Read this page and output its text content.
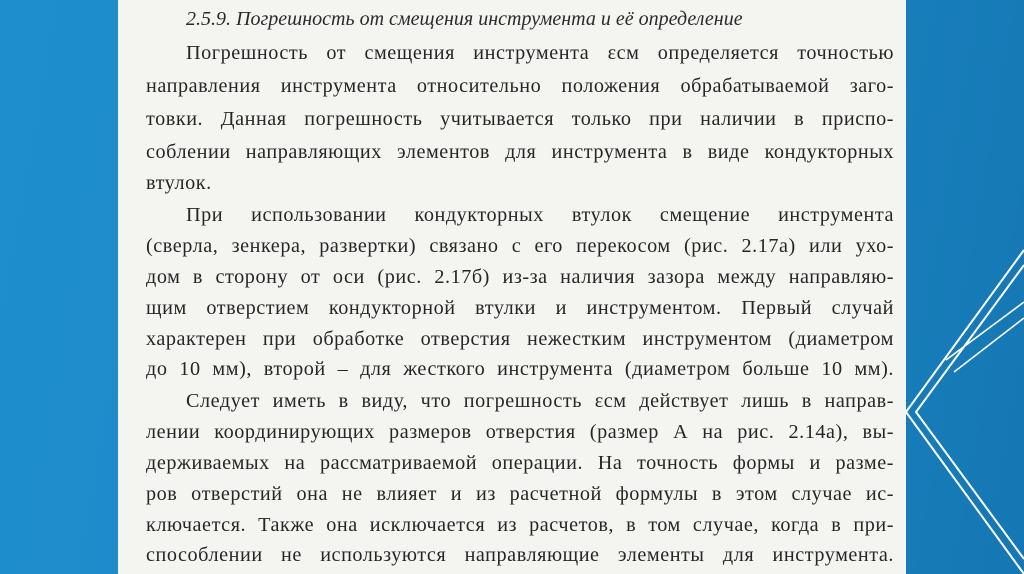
2.5.9. Погрешность от смещения инструмента и её определение
Погрешность от смещения инструмента εсм определяется точностью
направления инструмента относительно положения обрабатываемой заго-
товки. Данная погрешность учитывается только при наличии в приспо-
соблении направляющих элементов для инструмента в виде кондукторных
втулок.
При использовании кондукторных втулок смещение инструмента
(сверла, зенкера, развертки) связано с его перекосом (рис. 2.17а) или ухо-
дом в сторону от оси (рис. 2.17б) из-за наличия зазора между направляю-
щим отверстием кондукторной втулки и инструментом. Первый случай
характерен при обработке отверстия нежестким инструментом (диаметром
до 10 мм), второй – для жесткого инструмента (диаметром больше 10 мм).
Следует иметь в виду, что погрешность εсм действует лишь в направ-
лении координирующих размеров отверстия (размер А на рис. 2.14а), вы-
держиваемых на рассматриваемой операции. На точность формы и разме-
ров отверстий она не влияет и из расчетной формулы в этом случае ис-
ключается. Также она исключается из расчетов, в том случае, когда в при-
способлении не используются направляющие элементы для инструмента.
